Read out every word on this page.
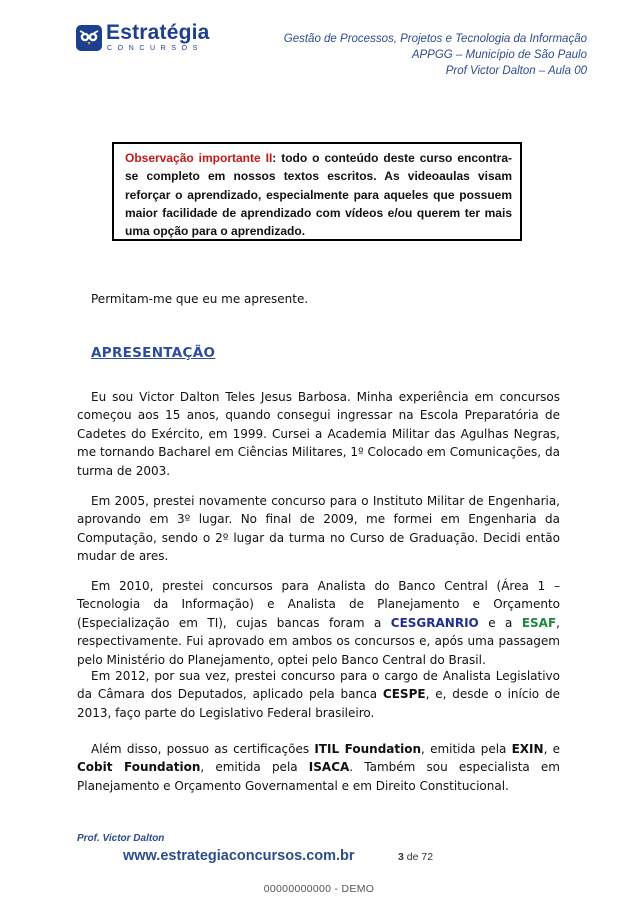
Estratégia
CONCURSOS
Gestão de Processos, Projetos e Tecnologia da Informação
APPGG – Município de São Paulo
Prof Victor Dalton – Aula 00
Observação importante II: todo o conteúdo deste curso encontra-se completo em nossos textos escritos. As videoaulas visam reforçar o aprendizado, especialmente para aqueles que possuem maior facilidade de aprendizado com vídeos e/ou querem ter mais uma opção para o aprendizado.
Permitam-me que eu me apresente.
APRESENTAÇÃO
Eu sou Victor Dalton Teles Jesus Barbosa. Minha experiência em concursos começou aos 15 anos, quando consegui ingressar na Escola Preparatória de Cadetes do Exército, em 1999. Cursei a Academia Militar das Agulhas Negras, me tornando Bacharel em Ciências Militares, 1º Colocado em Comunicações, da turma de 2003.
Em 2005, prestei novamente concurso para o Instituto Militar de Engenharia, aprovando em 3º lugar. No final de 2009, me formei em Engenharia da Computação, sendo o 2º lugar da turma no Curso de Graduação. Decidi então mudar de ares.
Em 2010, prestei concursos para Analista do Banco Central (Área 1 – Tecnologia da Informação) e Analista de Planejamento e Orçamento (Especialização em TI), cujas bancas foram a CESGRANRIO e a ESAF, respectivamente. Fui aprovado em ambos os concursos e, após uma passagem pelo Ministério do Planejamento, optei pelo Banco Central do Brasil.
Em 2012, por sua vez, prestei concurso para o cargo de Analista Legislativo da Câmara dos Deputados, aplicado pela banca CESPE, e, desde o início de 2013, faço parte do Legislativo Federal brasileiro.
Além disso, possuo as certificações ITIL Foundation, emitida pela EXIN, e Cobit Foundation, emitida pela ISACA. Também sou especialista em Planejamento e Orçamento Governamental e em Direito Constitucional.
Prof. Victor Dalton
www.estrategiaconcursos.com.br	3 de 72
00000000000 - DEMO
